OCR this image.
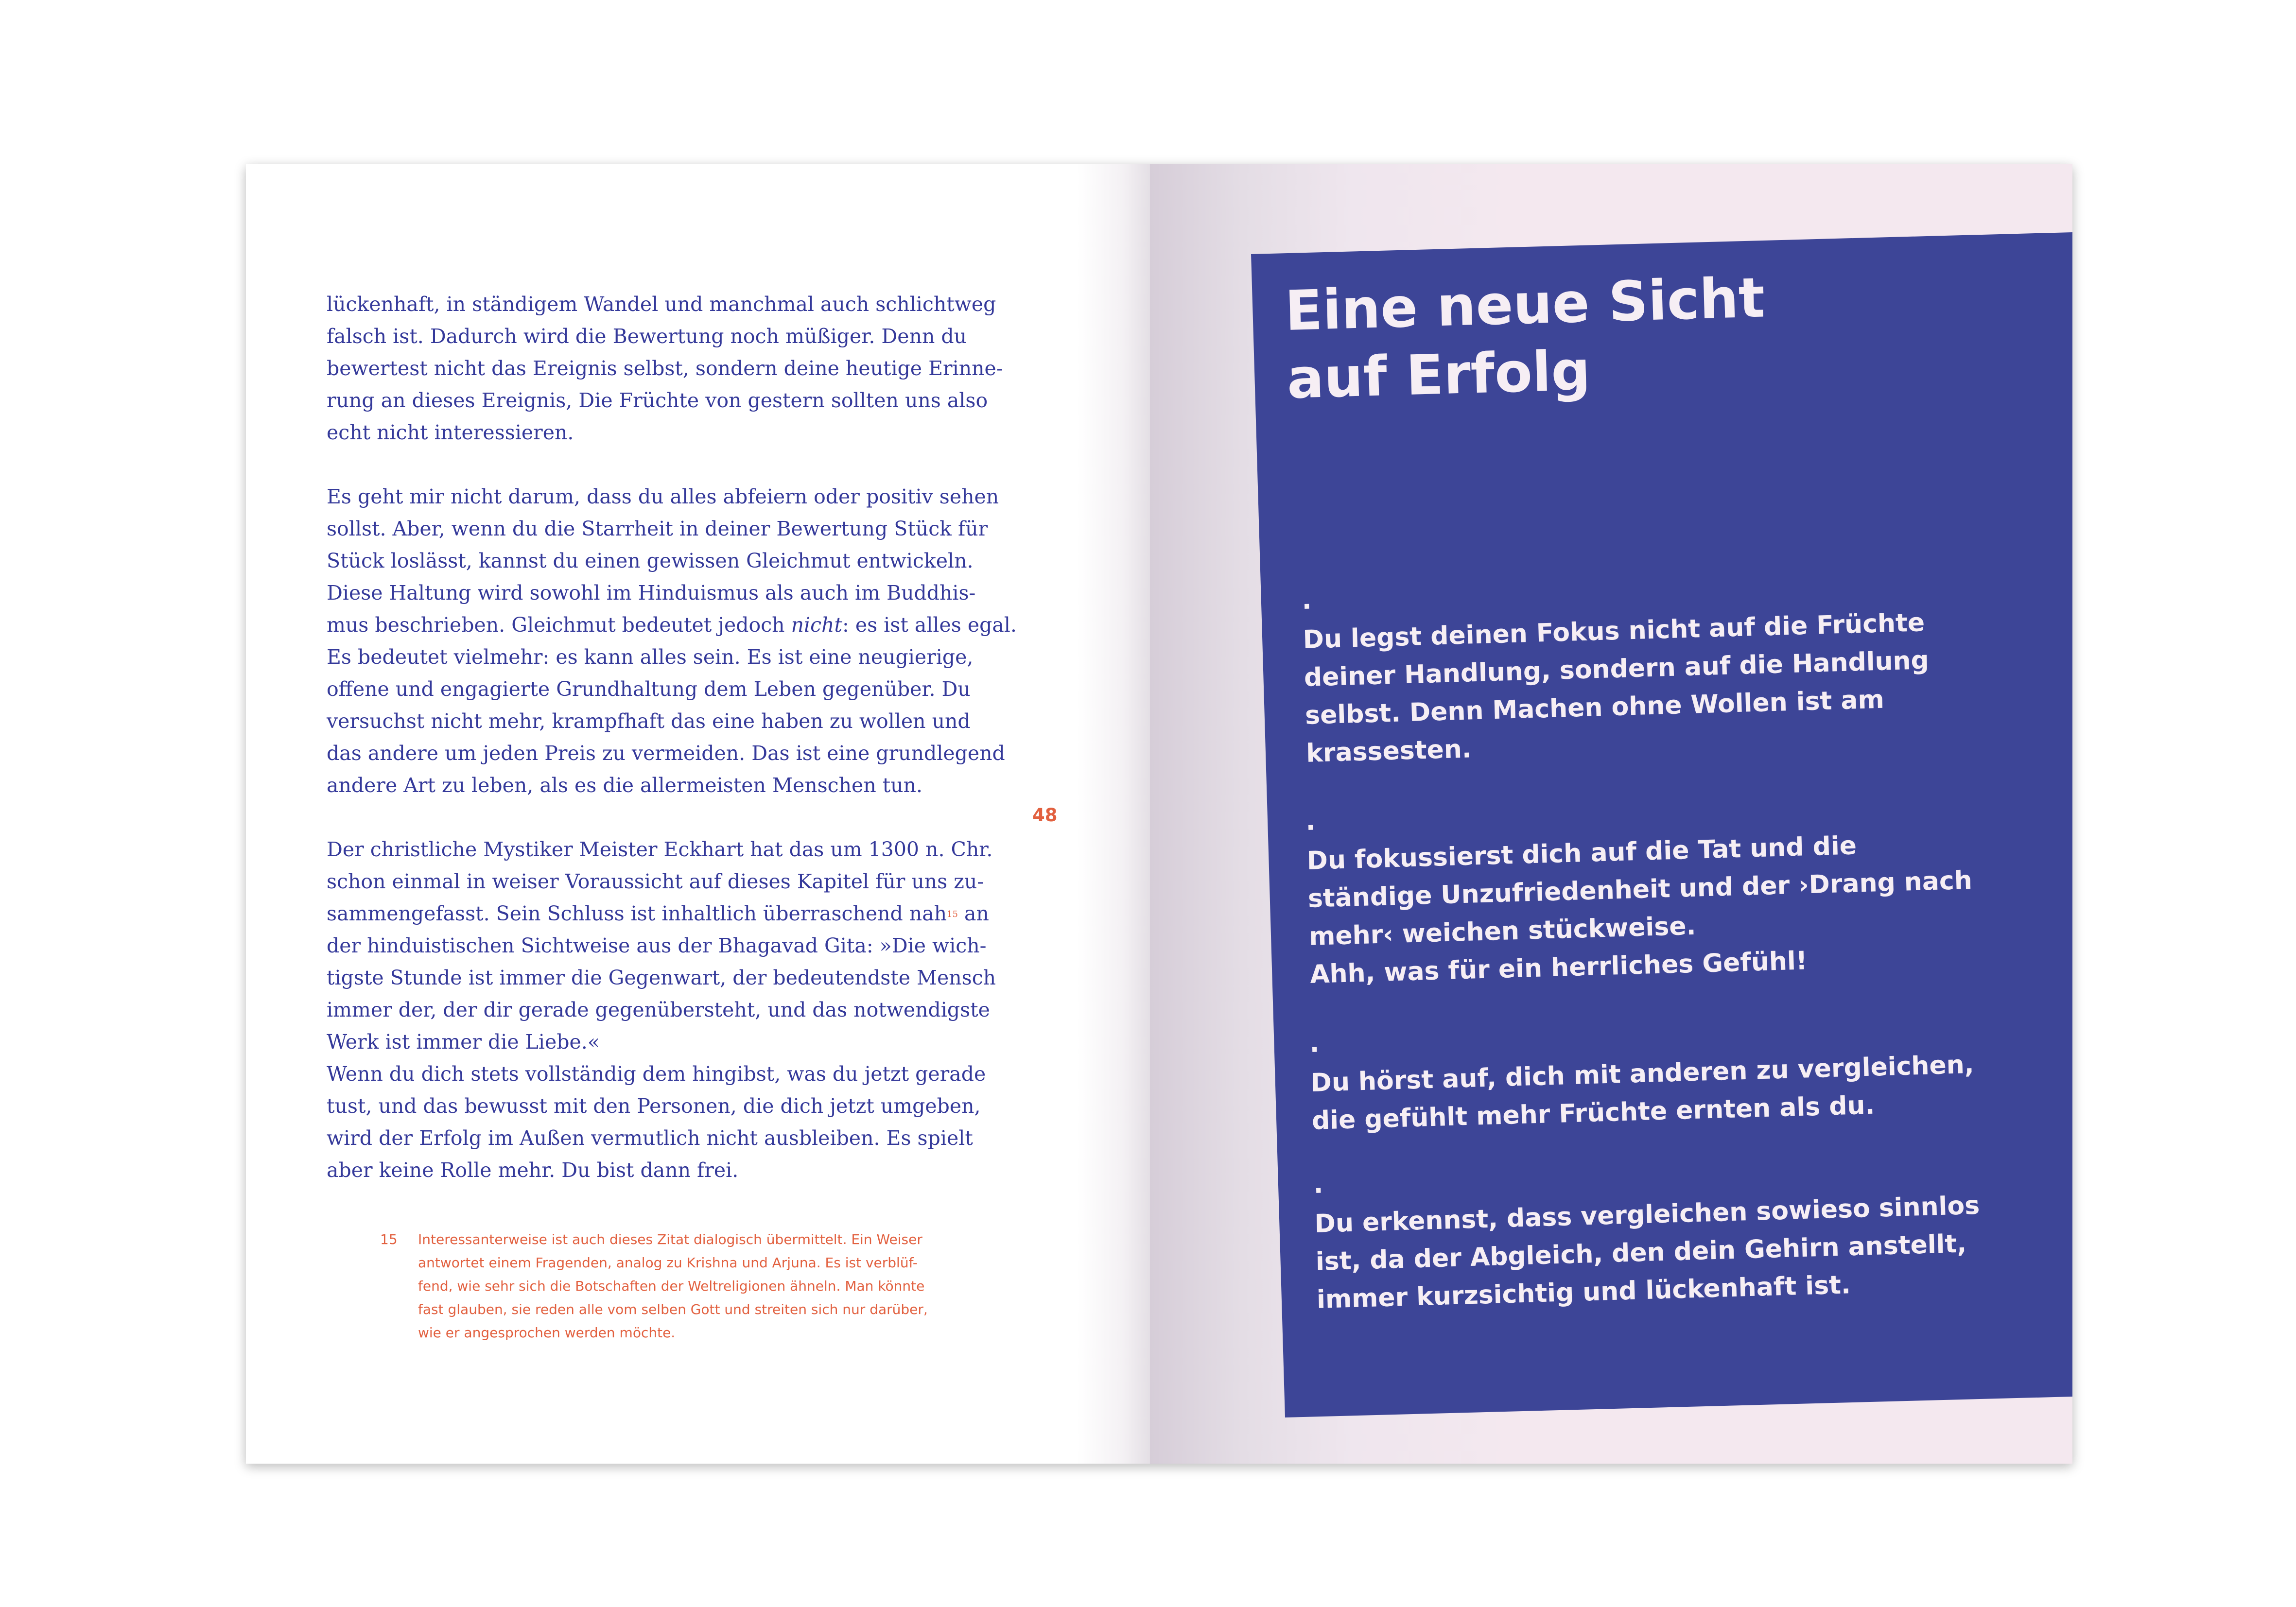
lückenhaft, in ständigem Wandel und manchmal auch schlichtweg
falsch ist. Dadurch wird die Bewertung noch müßiger. Denn du
bewertest nicht das Ereignis selbst, sondern deine heutige Erinne-
rung an dieses Ereignis, Die Früchte von gestern sollten uns also
echt nicht interessieren.

Es geht mir nicht darum, dass du alles abfeiern oder positiv sehen
sollst. Aber, wenn du die Starrheit in deiner Bewertung Stück für
Stück loslässt, kannst du einen gewissen Gleichmut entwickeln.
Diese Haltung wird sowohl im Hinduismus als auch im Buddhis-
mus beschrieben. Gleichmut bedeutet jedoch nicht: es ist alles egal.
Es bedeutet vielmehr: es kann alles sein. Es ist eine neugierige,
offene und engagierte Grundhaltung dem Leben gegenüber. Du
versuchst nicht mehr, krampfhaft das eine haben zu wollen und
das andere um jeden Preis zu vermeiden. Das ist eine grundlegend
andere Art zu leben, als es die allermeisten Menschen tun.

Der christliche Mystiker Meister Eckhart hat das um 1300 n. Chr.
schon einmal in weiser Voraussicht auf dieses Kapitel für uns zu-
sammengefasst. Sein Schluss ist inhaltlich überraschend nah$^{15}$ an
der hinduistischen Sichtweise aus der Bhagavad Gita: »Die wich-
tigste Stunde ist immer die Gegenwart, der bedeutendste Mensch
immer der, der dir gerade gegenübersteht, und das notwendigste
Werk ist immer die Liebe.«
Wenn du dich stets vollständig dem hingibst, was du jetzt gerade
tust, und das bewusst mit den Personen, die dich jetzt umgeben,
wird der Erfolg im Außen vermutlich nicht ausbleiben. Es spielt
aber keine Rolle mehr. Du bist dann frei.

48
15 Interessanterweise ist auch dieses Zitat dialogisch übermittelt. Ein Weiser
antwortet einem Fragenden, analog zu Krishna und Arjuna. Es ist verblüf-
fend, wie sehr sich die Botschaften der Weltreligionen ähneln. Man könnte
fast glauben, sie reden alle vom selben Gott und streiten sich nur darüber,
wie er angesprochen werden möchte.
Eine neue Sicht
auf Erfolg
.
Du legst deinen Fokus nicht auf die Früchte
deiner Handlung, sondern auf die Handlung
selbst. Denn Machen ohne Wollen ist am
krassesten.
.
Du fokussierst dich auf die Tat und die
ständige Unzufriedenheit und der ›Drang nach
mehr‹ weichen stückweise.
Ahh, was für ein herrliches Gefühl!
.
Du hörst auf, dich mit anderen zu vergleichen,
die gefühlt mehr Früchte ernten als du.
.
Du erkennst, dass vergleichen sowieso sinnlos
ist, da der Abgleich, den dein Gehirn anstellt,
immer kurzsichtig und lückenhaft ist.
